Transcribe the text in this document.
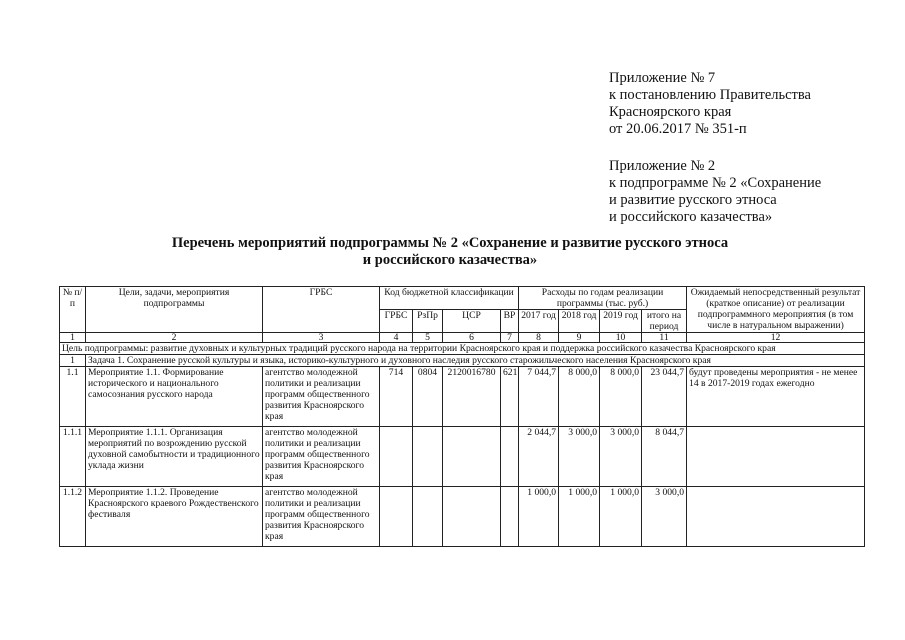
Приложение № 7
к постановлению Правительства
Красноярского края
от 20.06.2017 № 351-п
Приложение № 2
к подпрограмме № 2 «Сохранение
и развитие русского этноса
и российского казачества»
Перечень мероприятий подпрограммы № 2 «Сохранение и развитие русского этноса
и российского казачества»
№ п/п	Цели, задачи, мероприятия подпрограммы	ГРБС	Код бюджетной классификации				Расходы по годам реализации программы (тыс. руб.)				Ожидаемый непосредственный результат (краткое описание) от реализации подпрограммного мероприятия (в том числе в натуральном выражении)
			ГРБС	РзПр	ЦСР	ВР	2017 год	2018 год	2019 год	итого на период	
1	2	3	4	5	6	7	8	9	10	11	12
Цель подпрограммы: развитие духовных и культурных традиций русского народа на территории Красноярского края и поддержка российского казачества Красноярского края											
1	Задача 1. Сохранение русской культуры и языка, историко-культурного и духовного наследия русского старожильческого населения Красноярского края										
1.1	Мероприятие 1.1. Формирование исторического и национального самосознания русского народа	агентство молодежной политики и реализации программ общественного развития Красноярского края	714	0804	2120016780	621	7 044,7	8 000,0	8 000,0	23 044,7	будут проведены мероприятия - не менее 14 в 2017-2019 годах ежегодно
1.1.1	Мероприятие 1.1.1. Организация мероприятий по возрождению русской духовной самобытности и традиционного уклада жизни	агентство молодежной политики и реализации программ общественного развития Красноярского края					2 044,7	3 000,0	3 000,0	8 044,7	
1.1.2	Мероприятие 1.1.2. Проведение Красноярского краевого Рождественского фестиваля	агентство молодежной политики и реализации программ общественного развития Красноярского края					1 000,0	1 000,0	1 000,0	3 000,0	
